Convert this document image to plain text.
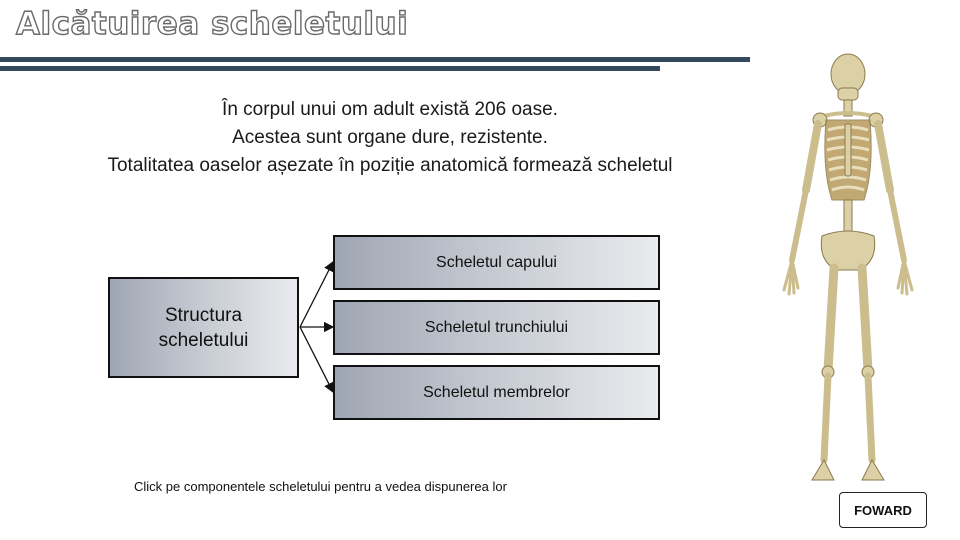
Alcătuirea scheletului
În corpul unui om adult există 206 oase.
Acestea sunt organe dure, rezistente.
Totalitatea oaselor așezate în poziție anatomică formează scheletul
Structura
scheletului
Scheletul capului
Scheletul trunchiului
Scheletul membrelor
Click pe componentele scheletului pentru a vedea dispunerea lor
FOWARD
